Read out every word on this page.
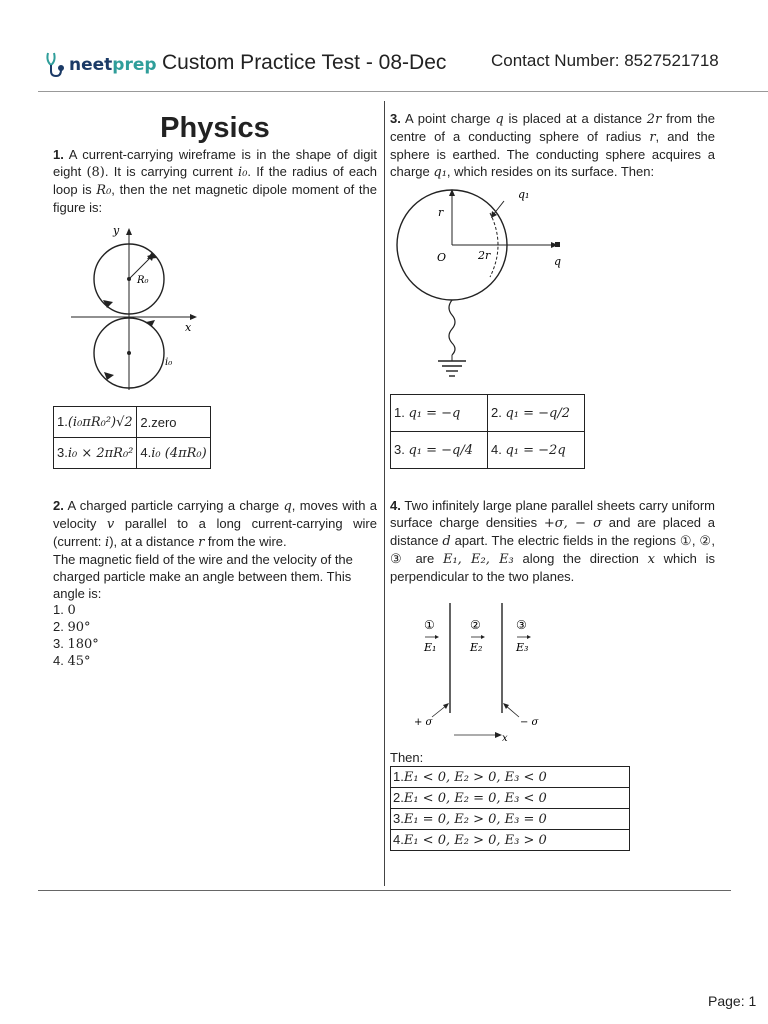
neetprep Custom Practice Test - 08-Dec	Contact Number: 8527521718
Physics

1. A current-carrying wireframe is in the shape of digit eight (8). It is carrying current i₀. If the radius of each loop is R₀, then the net magnetic dipole moment of the figure is:

y
x
R₀
i₀
1.(i₀πR₀²)√2	2.zero
3.i₀ × 2πR₀²	4.i₀ (4πR₀)

2. A charged particle carrying a charge q, moves with a velocity v parallel to a long current-carrying wire (current: i), at a distance r from the wire.

The magnetic field of the wire and the velocity of the charged particle make an angle between them. This angle is:

1. 0
2. 90°
3. 180°
4. 45°

3. A point charge q is placed at a distance 2r from the centre of a conducting sphere of radius r, and the sphere is earthed. The conducting sphere acquires a charge q₁, which resides on its surface. Then:

q₁
r
O	2r	q
1. q₁ = −q	2. q₁ = −q/2
3. q₁ = −q/4	4. q₁ = −2q

4. Two infinitely large plane parallel sheets carry uniform surface charge densities +σ, − σ and are placed a distance d apart. The electric fields in the regions ①, ②, ③ are E₁, E₂, E₃ along the direction x which is perpendicular to the two planes.

①	②	③
E₁	E₂	E₃
+ σ	− σ
x
Then:
1.E₁ < 0, E₂ > 0, E₃ < 0
2.E₁ < 0, E₂ = 0, E₃ < 0
3.E₁ = 0, E₂ > 0, E₃ = 0
4.E₁ < 0, E₂ > 0, E₃ > 0
Page: 1
